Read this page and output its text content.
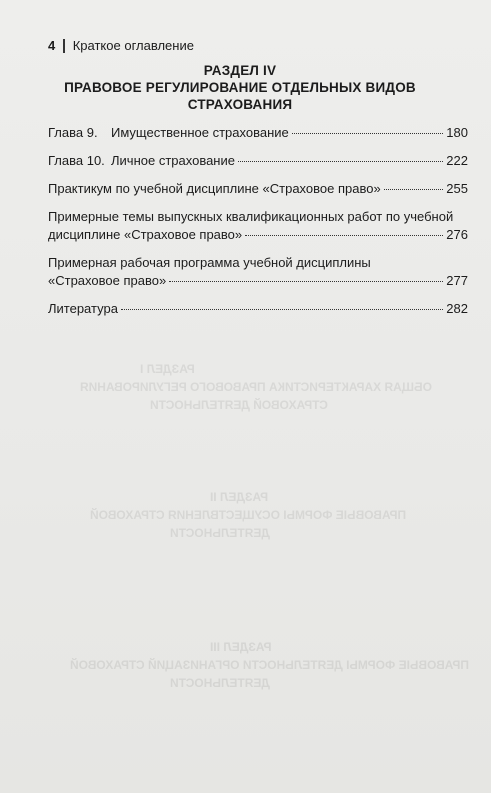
РАЗДЕЛ I
ОБЩАЯ ХАРАКТЕРИСТИКА ПРАВОВОГО РЕГУЛИРОВАНИЯ
СТРАХОВОЙ ДЕЯТЕЛЬНОСТИ
РАЗДЕЛ II
ПРАВОВЫЕ ФОРМЫ ОСУЩЕСТВЛЕНИЯ СТРАХОВОЙ
ДЕЯТЕЛЬНОСТИ
РАЗДЕЛ III
ПРАВОВЫЕ ФОРМЫ ДЕЯТЕЛЬНОСТИ ОРГАНИЗАЦИЙ СТРАХОВОЙ
ДЕЯТЕЛЬНОСТИ
4 Краткое оглавление
РАЗДЕЛ IV
ПРАВОВОЕ РЕГУЛИРОВАНИЕ ОТДЕЛЬНЫХ ВИДОВ
СТРАХОВАНИЯ
Глава 9. Имущественное страхование	180
Глава 10. Личное страхование	222
Практикум по учебной дисциплине «Страховое право»	255
Примерные темы выпускных квалификационных работ по учебной
дисциплине «Страховое право»	276
Примерная рабочая программа учебной дисциплины
«Страховое право»	277
Литература	282
